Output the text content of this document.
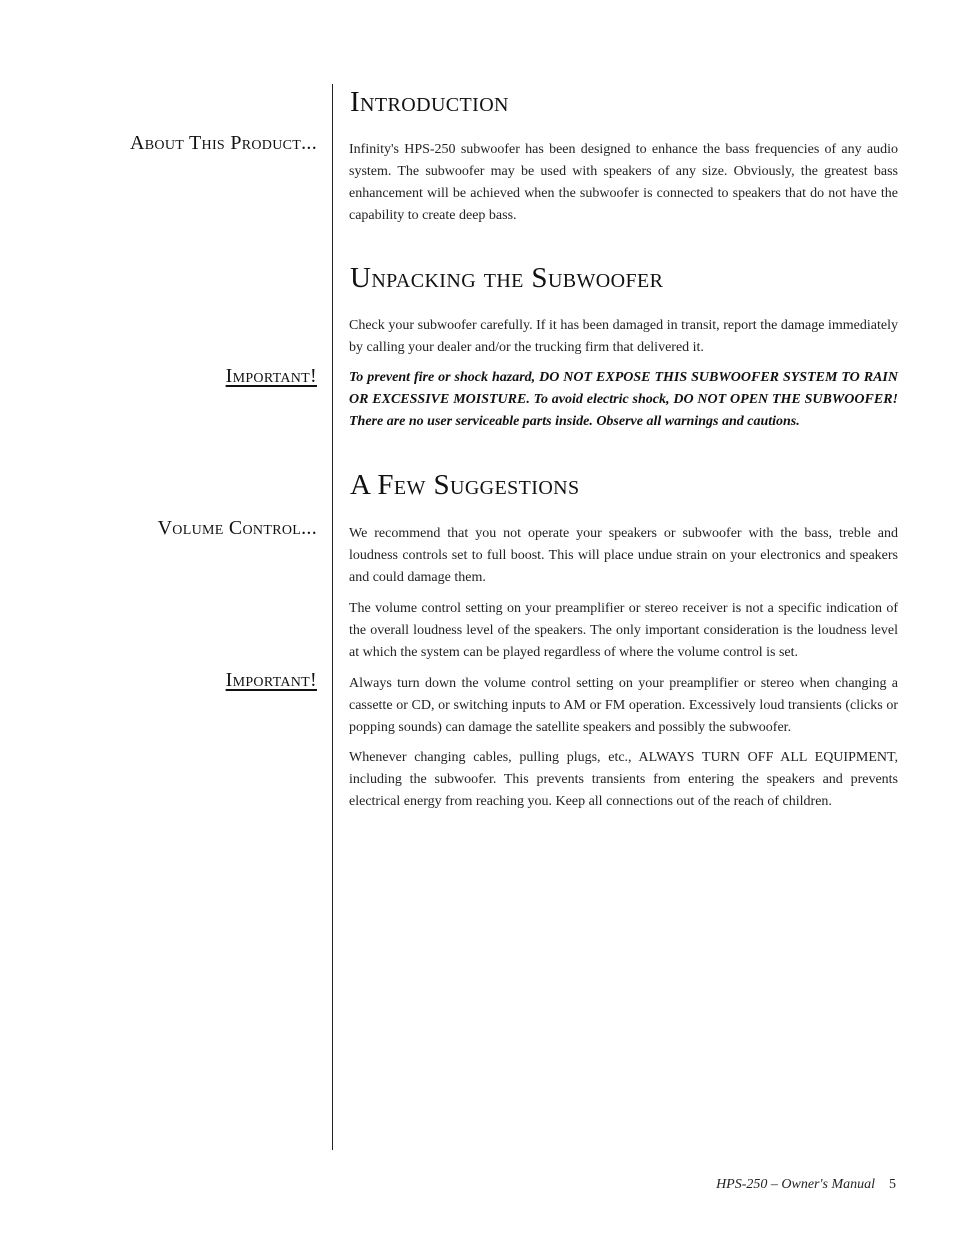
About This Product...
Important!
Volume Control...
Important!
Introduction

Infinity's HPS-250 subwoofer has been designed to enhance the bass frequencies of any audio system. The subwoofer may be used with speakers of any size. Obviously, the greatest bass enhancement will be achieved when the subwoofer is connected to speakers that do not have the capability to create deep bass.

Unpacking the Subwoofer

Check your subwoofer carefully. If it has been damaged in transit, report the damage immediately by calling your dealer and/or the trucking firm that delivered it.

To prevent fire or shock hazard, DO NOT EXPOSE THIS SUBWOOFER SYSTEM TO RAIN OR EXCESSIVE MOISTURE. To avoid electric shock, DO NOT OPEN THE SUBWOOFER! There are no user serviceable parts inside. Observe all warnings and cautions.

A Few Suggestions

We recommend that you not operate your speakers or subwoofer with the bass, treble and loudness controls set to full boost. This will place undue strain on your electronics and speakers and could damage them.

The volume control setting on your preamplifier or stereo receiver is not a specific indication of the overall loudness level of the speakers. The only important consideration is the loudness level at which the system can be played regardless of where the volume control is set.

Always turn down the volume control setting on your preamplifier or stereo when changing a cassette or CD, or switching inputs to AM or FM operation. Excessively loud transients (clicks or popping sounds) can damage the satellite speakers and possibly the subwoofer.

Whenever changing cables, pulling plugs, etc., ALWAYS TURN OFF ALL EQUIPMENT, including the subwoofer. This prevents transients from entering the speakers and prevents electrical energy from reaching you. Keep all connections out of the reach of children.

HPS-250 – Owner's Manual 5
